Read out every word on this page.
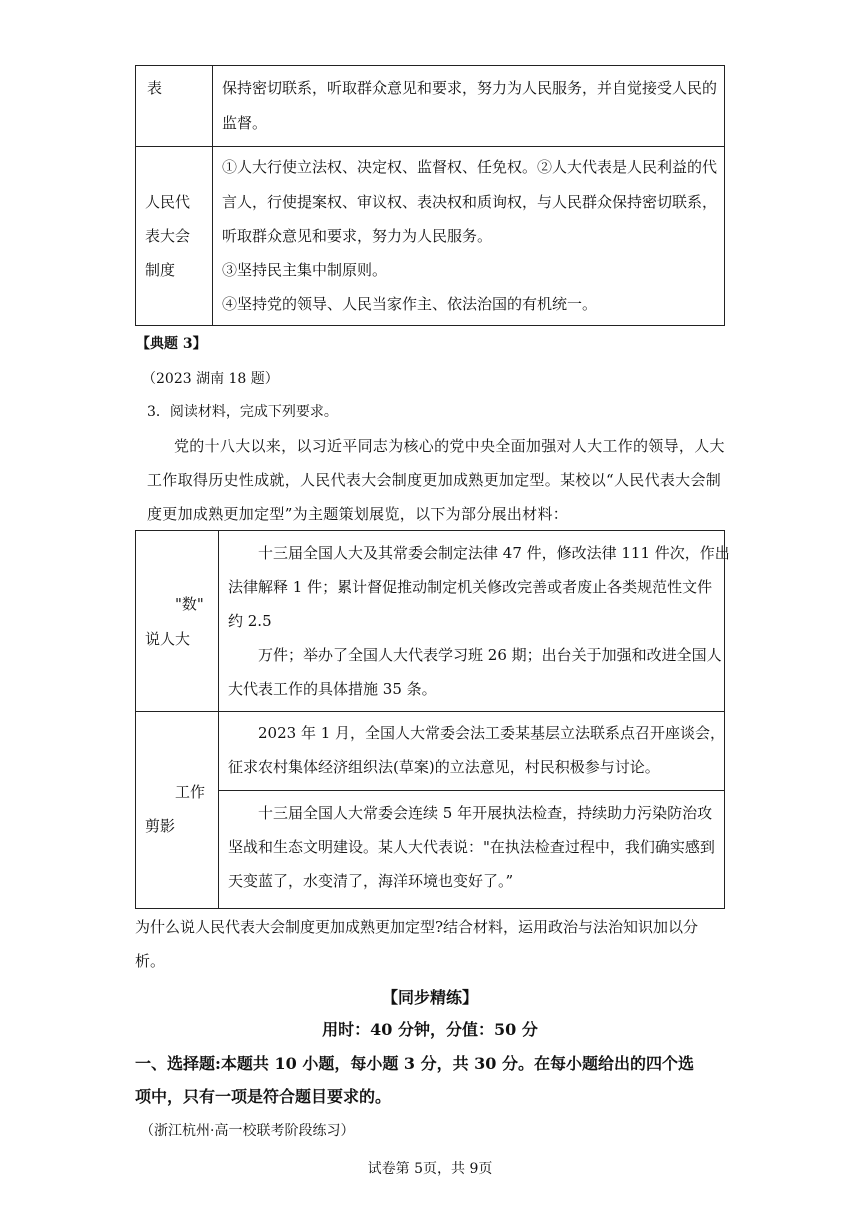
表	保持密切联系，听取群众意见和要求，努力为人民服务，并自觉接受人民的
监督。
人民代
表大会
制度
①人大行使立法权、决定权、监督权、任免权。②人大代表是人民利益的代
言人，行使提案权、审议权、表决权和质询权，与人民群众保持密切联系，
听取群众意见和要求，努力为人民服务。
③坚持民主集中制原则。
④坚持党的领导、人民当家作主、依法治国的有机统一。
【典题 3】
（2023 湖南 18 题）
3．阅读材料，完成下列要求。
党的十八大以来，以习近平同志为核心的党中央全面加强对人大工作的领导，人大
工作取得历史性成就，人民代表大会制度更加成熟更加定型。某校以“人民代表大会制
度更加成熟更加定型”为主题策划展览，以下为部分展出材料：
"数"
说人大
十三届全国人大及其常委会制定法律 47 件，修改法律 111 件次，作出
法律解释 1 件；累计督促推动制定机关修改完善或者废止各类规范性文件
约 2.5
万件；举办了全国人大代表学习班 26 期；出台关于加强和改进全国人
大代表工作的具体措施 35 条。
工作
剪影
2023 年 1 月，全国人大常委会法工委某基层立法联系点召开座谈会，
征求农村集体经济组织法(草案)的立法意见，村民积极参与讨论。
十三届全国人大常委会连续 5 年开展执法检查，持续助力污染防治攻
坚战和生态文明建设。某人大代表说："在执法检查过程中，我们确实感到
天变蓝了，水变清了，海洋环境也变好了。”
为什么说人民代表大会制度更加成熟更加定型?结合材料，运用政治与法治知识加以分
析。
【同步精练】
用时：40 分钟，分值：50 分
一、选择题:本题共 10 小题，每小题 3 分，共 30 分。在每小题给出的四个选
项中，只有一项是符合题目要求的。
（浙江杭州·高一校联考阶段练习）
试卷第 5页，共 9页
